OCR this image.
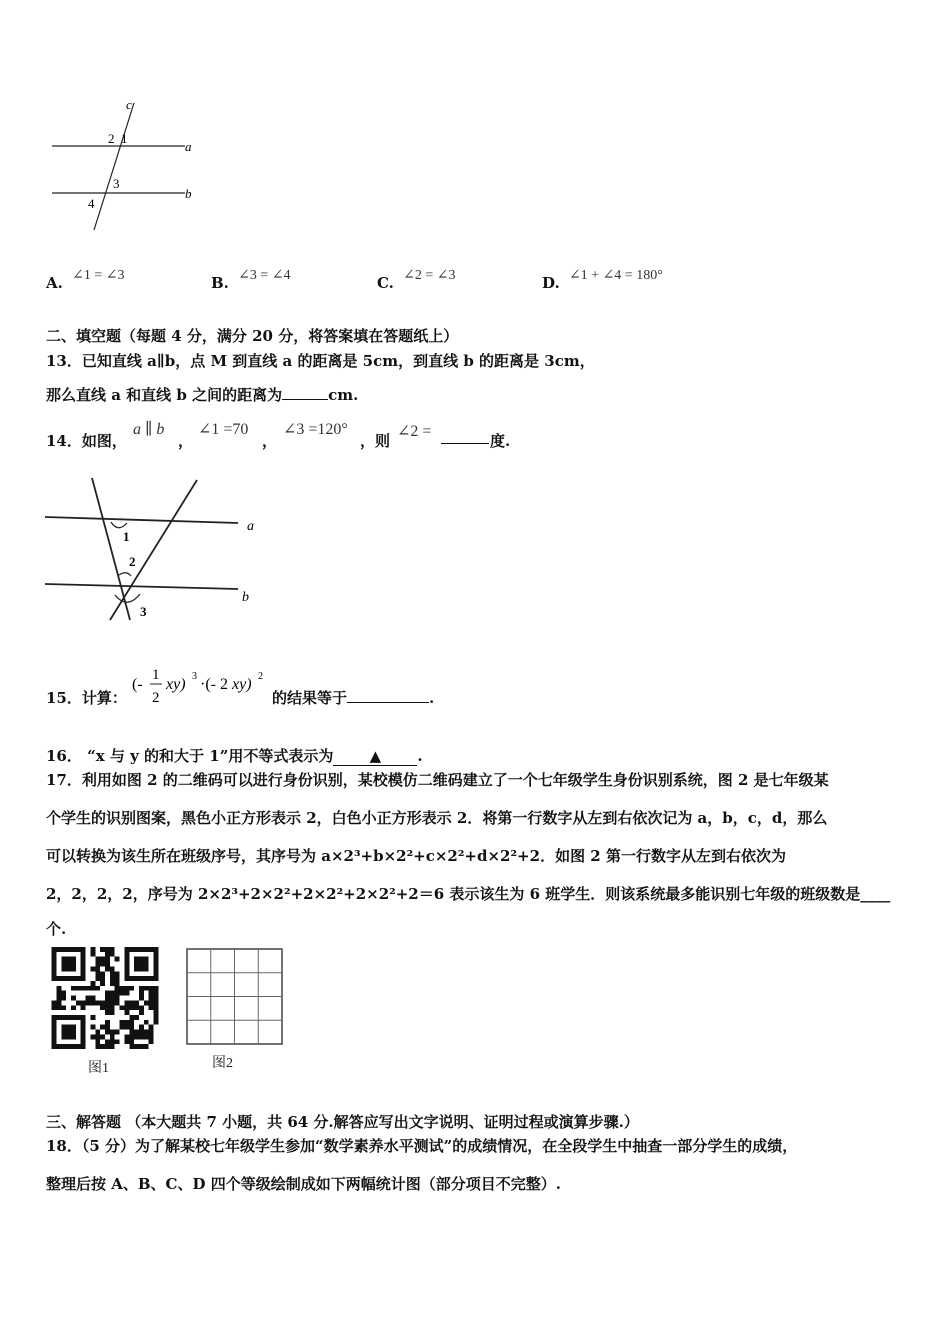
c
a
b
2 1
3
4
A. ∠1 = ∠3	B. ∠3 = ∠4	C. ∠2 = ∠3	D. ∠1 + ∠4 = 180°
二、填空题（每题 4 分，满分 20 分，将答案填在答题纸上）
13．已知直线 a∥b，点 M 到直线 a 的距离是 5cm，到直线 b 的距离是 3cm，
那么直线 a 和直线 b 之间的距离为	cm.
14．如图，
a ∥ b
，
∠1 =70
，
∠3 =120°
，则
∠2 =
度.
a
b
1
2
3
15．计算：
(-
1
2
xy) 3 ·(- 2 xy) 2
的结果等于	.
16． “x 与 y 的和大于 1”用不等式表示为 ▲ .
17．利用如图 2 的二维码可以进行身份识别，某校模仿二维码建立了一个七年级学生身份识别系统，图 2 是七年级某
个学生的识别图案，黑色小正方形表示 2，白色小正方形表示 2．将第一行数字从左到右依次记为 a，b，c，d，那么
可以转换为该生所在班级序号，其序号为 a×2³+b×2²+c×2²+d×2²+2．如图 2 第一行数字从左到右依次为
2，2，2，2，序号为 2×2³+2×2²+2×2²+2×2²+2＝6 表示该生为 6 班学生．则该系统最多能识别七年级的班级数是____
个.
图1	图2
三、解答题 （本大题共 7 小题，共 64 分.解答应写出文字说明、证明过程或演算步骤.）
18．（5 分）为了解某校七年级学生参加“数学素养水平测试”的成绩情况，在全段学生中抽查一部分学生的成绩，
整理后按 A、B、C、D 四个等级绘制成如下两幅统计图（部分项目不完整）.
